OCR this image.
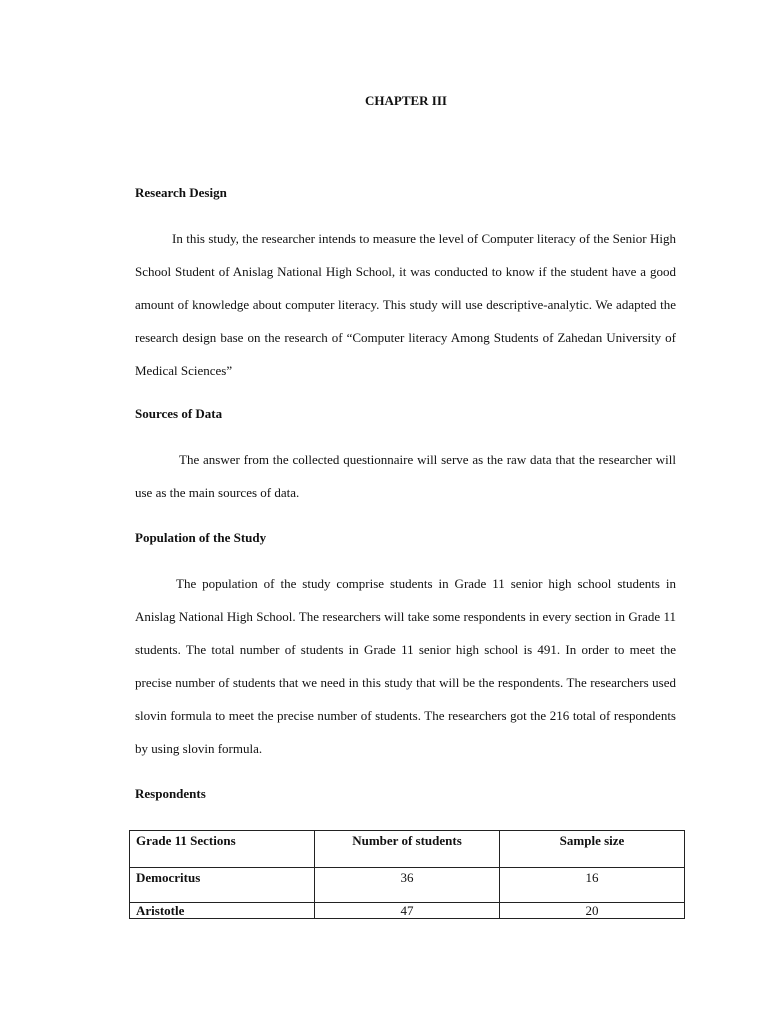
CHAPTER III
Research Design

In this study, the researcher intends to measure the level of Computer literacy of the Senior High School Student of Anislag National High School, it was conducted to know if the student have a good amount of knowledge about computer literacy. This study will use descriptive-analytic. We adapted the research design base on the research of “Computer literacy Among Students of Zahedan University of Medical Sciences”

Sources of Data

The answer from the collected questionnaire will serve as the raw data that the researcher will use as the main sources of data.

Population of the Study

The population of the study comprise students in Grade 11 senior high school students in Anislag National High School. The researchers will take some respondents in every section in Grade 11 students. The total number of students in Grade 11 senior high school is 491. In order to meet the precise number of students that we need in this study that will be the respondents. The researchers used slovin formula to meet the precise number of students. The researchers got the 216 total of respondents by using slovin formula.

Respondents
Grade 11 Sections	Number of students	Sample size
Democritus	36	16
Aristotle	47	20
